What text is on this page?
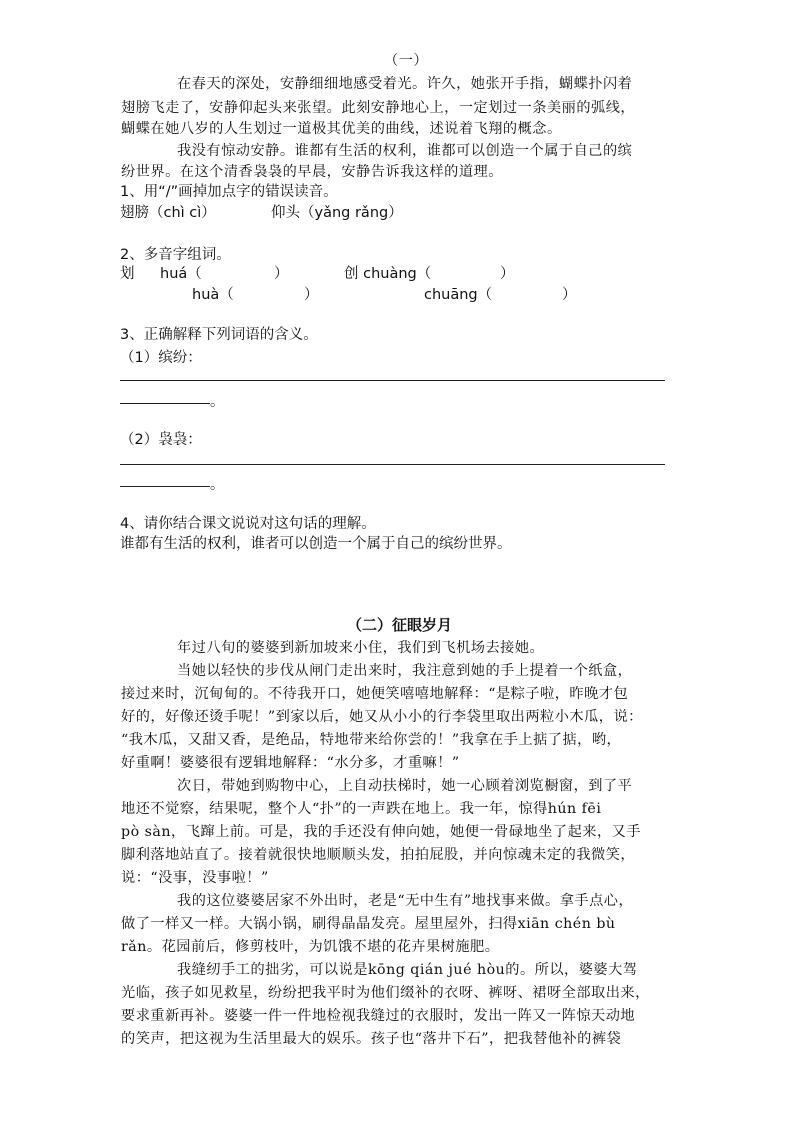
（一）
在春天的深处，安静细细地感受着光。许久，她张开手指，蝴蝶扑闪着
翅膀飞走了，安静仰起头来张望。此刻安静地心上，一定划过一条美丽的弧线，
蝴蝶在她八岁的人生划过一道极其优美的曲线，述说着飞翔的概念。
我没有惊动安静。谁都有生活的权利，谁都可以创造一个属于自己的缤
纷世界。在这个清香袅袅的早晨，安静告诉我这样的道理。
1、用“/”画掉加点字的错误读音。
翅膀（chì cì）	仰头（yǎng rǎng）
2、多音字组词。
划 huá（	）	创 chuàng（	）
huà（	）	chuāng（	）
3、正确解释下列词语的含义。
（1）缤纷：
。
（2）袅袅：
。
4、请你结合课文说说对这句话的理解。
谁都有生活的权利，谁者可以创造一个属于自己的缤纷世界。
（二）征眼岁月
年过八旬的婆婆到新加坡来小住，我们到飞机场去接她。
当她以轻快的步伐从闸门走出来时，我注意到她的手上提着一个纸盒，
接过来时，沉甸甸的。不待我开口，她便笑嘻嘻地解释：“是粽子啦，昨晚才包
好的，好像还烫手呢！”到家以后，她又从小小的行李袋里取出两粒小木瓜，说：
“我木瓜，又甜又香，是绝品，特地带来给你尝的！”我拿在手上掂了掂，哟，
好重啊！婆婆很有逻辑地解释：“水分多，才重嘛！”
次日，带她到购物中心，上自动扶梯时，她一心顾着浏览橱窗，到了平
地还不觉察，结果呢，整个人“扑”的一声跌在地上。我一年，惊得hún fēi
pò sàn，飞蹿上前。可是，我的手还没有伸向她，她便一骨碌地坐了起来，又手
脚利落地站直了。接着就很快地顺顺头发，拍拍屁股，并向惊魂未定的我微笑，
说：“没事，没事啦！”
我的这位婆婆居家不外出时，老是“无中生有”地找事来做。拿手点心，
做了一样又一样。大锅小锅，刷得晶晶发亮。屋里屋外，扫得xiān chén bù
rǎn。花园前后，修剪枝叶，为饥饿不堪的花卉果树施肥。
我缝纫手工的拙劣，可以说是kōng qián jué hòu的。所以，婆婆大驾
光临，孩子如见救星，纷纷把我平时为他们缀补的衣呀、裤呀、裙呀全部取出来，
要求重新再补。婆婆一件一件地检视我缝过的衣服时，发出一阵又一阵惊天动地
的笑声，把这视为生活里最大的娱乐。孩子也“落井下石”，把我替他补的裤袋
